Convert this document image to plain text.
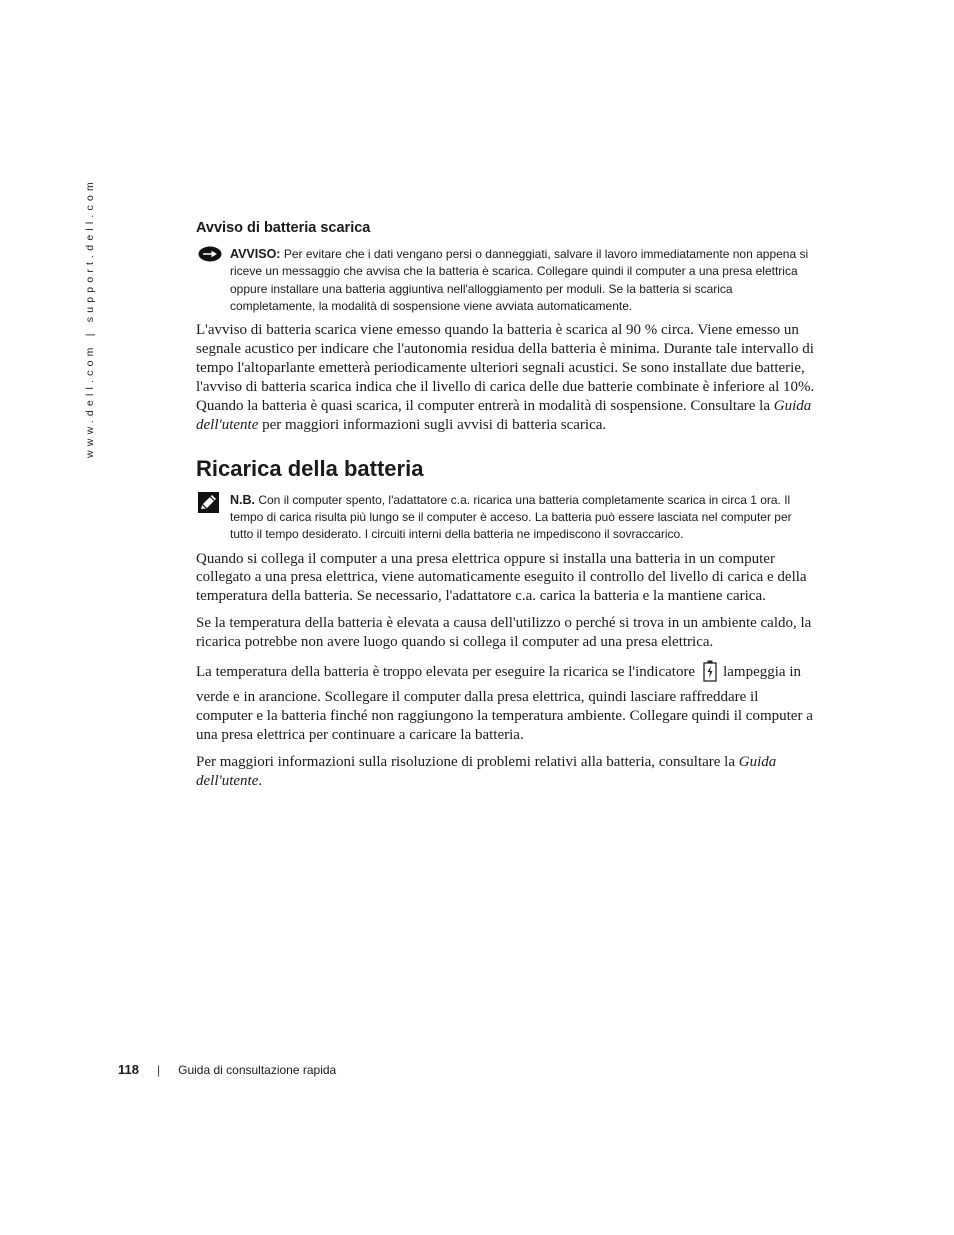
www.dell.com | support.dell.com	Avviso di batteria scarica
AVVISO: Per evitare che i dati vengano persi o danneggiati, salvare il lavoro immediatamente non appena si riceve un messaggio che avvisa che la batteria è scarica. Collegare quindi il computer a una presa elettrica oppure installare una batteria aggiuntiva nell'alloggiamento per moduli. Se la batteria si scarica completamente, la modalità di sospensione viene avviata automaticamente.

L'avviso di batteria scarica viene emesso quando la batteria è scarica al 90 % circa. Viene emesso un segnale acustico per indicare che l'autonomia residua della batteria è minima. Durante tale intervallo di tempo l'altoparlante emetterà periodicamente ulteriori segnali acustici. Se sono installate due batterie, l'avviso di batteria scarica indica che il livello di carica delle due batterie combinate è inferiore al 10%. Quando la batteria è quasi scarica, il computer entrerà in modalità di sospensione. Consultare la Guida dell'utente per maggiori informazioni sugli avvisi di batteria scarica.

Ricarica della batteria
N.B. Con il computer spento, l'adattatore c.a. ricarica una batteria completamente scarica in circa 1 ora. Il tempo di carica risulta più lungo se il computer è acceso. La batteria può essere lasciata nel computer per tutto il tempo desiderato. I circuiti interni della batteria ne impediscono il sovraccarico.

Quando si collega il computer a una presa elettrica oppure si installa una batteria in un computer collegato a una presa elettrica, viene automaticamente eseguito il controllo del livello di carica e della temperatura della batteria. Se necessario, l'adattatore c.a. carica la batteria e la mantiene carica.

Se la temperatura della batteria è elevata a causa dell'utilizzo o perché si trova in un ambiente caldo, la ricarica potrebbe non avere luogo quando si collega il computer ad una presa elettrica.

La temperatura della batteria è troppo elevata per eseguire la ricarica se l'indicatore lampeggia in verde e in arancione. Scollegare il computer dalla presa elettrica, quindi lasciare raffreddare il computer e la batteria finché non raggiungono la temperatura ambiente. Collegare quindi il computer a una presa elettrica per continuare a caricare la batteria.

Per maggiori informazioni sulla risoluzione di problemi relativi alla batteria, consultare la Guida dell'utente.

118 | Guida di consultazione rapida
